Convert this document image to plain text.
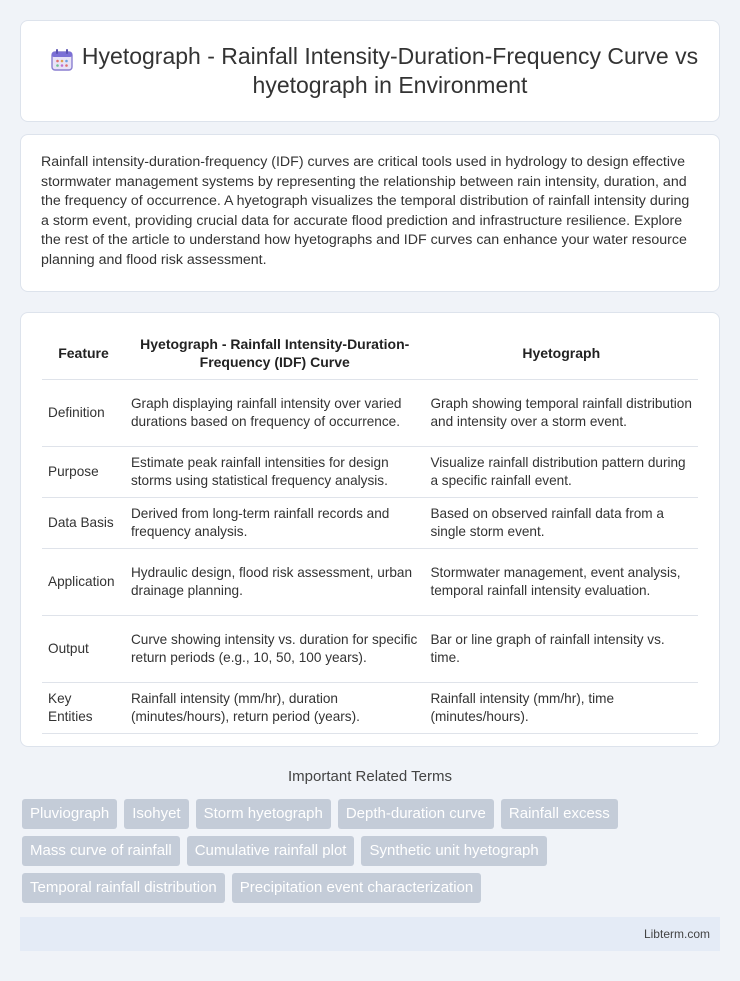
Hyetograph - Rainfall Intensity-Duration-Frequency Curve vs hyetograph in Environment

Rainfall intensity-duration-frequency (IDF) curves are critical tools used in hydrology to design effective stormwater management systems by representing the relationship between rain intensity, duration, and the frequency of occurrence. A hyetograph visualizes the temporal distribution of rainfall intensity during a storm event, providing crucial data for accurate flood prediction and infrastructure resilience. Explore the rest of the article to understand how hyetographs and IDF curves can enhance your water resource planning and flood risk assessment.

Feature	Hyetograph - Rainfall Intensity-Duration-Frequency (IDF) Curve	Hyetograph
Definition	Graph displaying rainfall intensity over varied durations based on frequency of occurrence.	Graph showing temporal rainfall distribution and intensity over a storm event.
Purpose	Estimate peak rainfall intensities for design storms using statistical frequency analysis.	Visualize rainfall distribution pattern during a specific rainfall event.
Data Basis	Derived from long-term rainfall records and frequency analysis.	Based on observed rainfall data from a single storm event.
Application	Hydraulic design, flood risk assessment, urban drainage planning.	Stormwater management, event analysis, temporal rainfall intensity evaluation.
Output	Curve showing intensity vs. duration for specific return periods (e.g., 10, 50, 100 years).	Bar or line graph of rainfall intensity vs. time.
Key Entities	Rainfall intensity (mm/hr), duration (minutes/hours), return period (years).	Rainfall intensity (mm/hr), time (minutes/hours).
Important Related Terms
Pluviograph	Isohyet	Storm hyetograph	Depth-duration curve	Rainfall excess
Mass curve of rainfall	Cumulative rainfall plot	Synthetic unit hyetograph
Temporal rainfall distribution	Precipitation event characterization
Libterm.com
